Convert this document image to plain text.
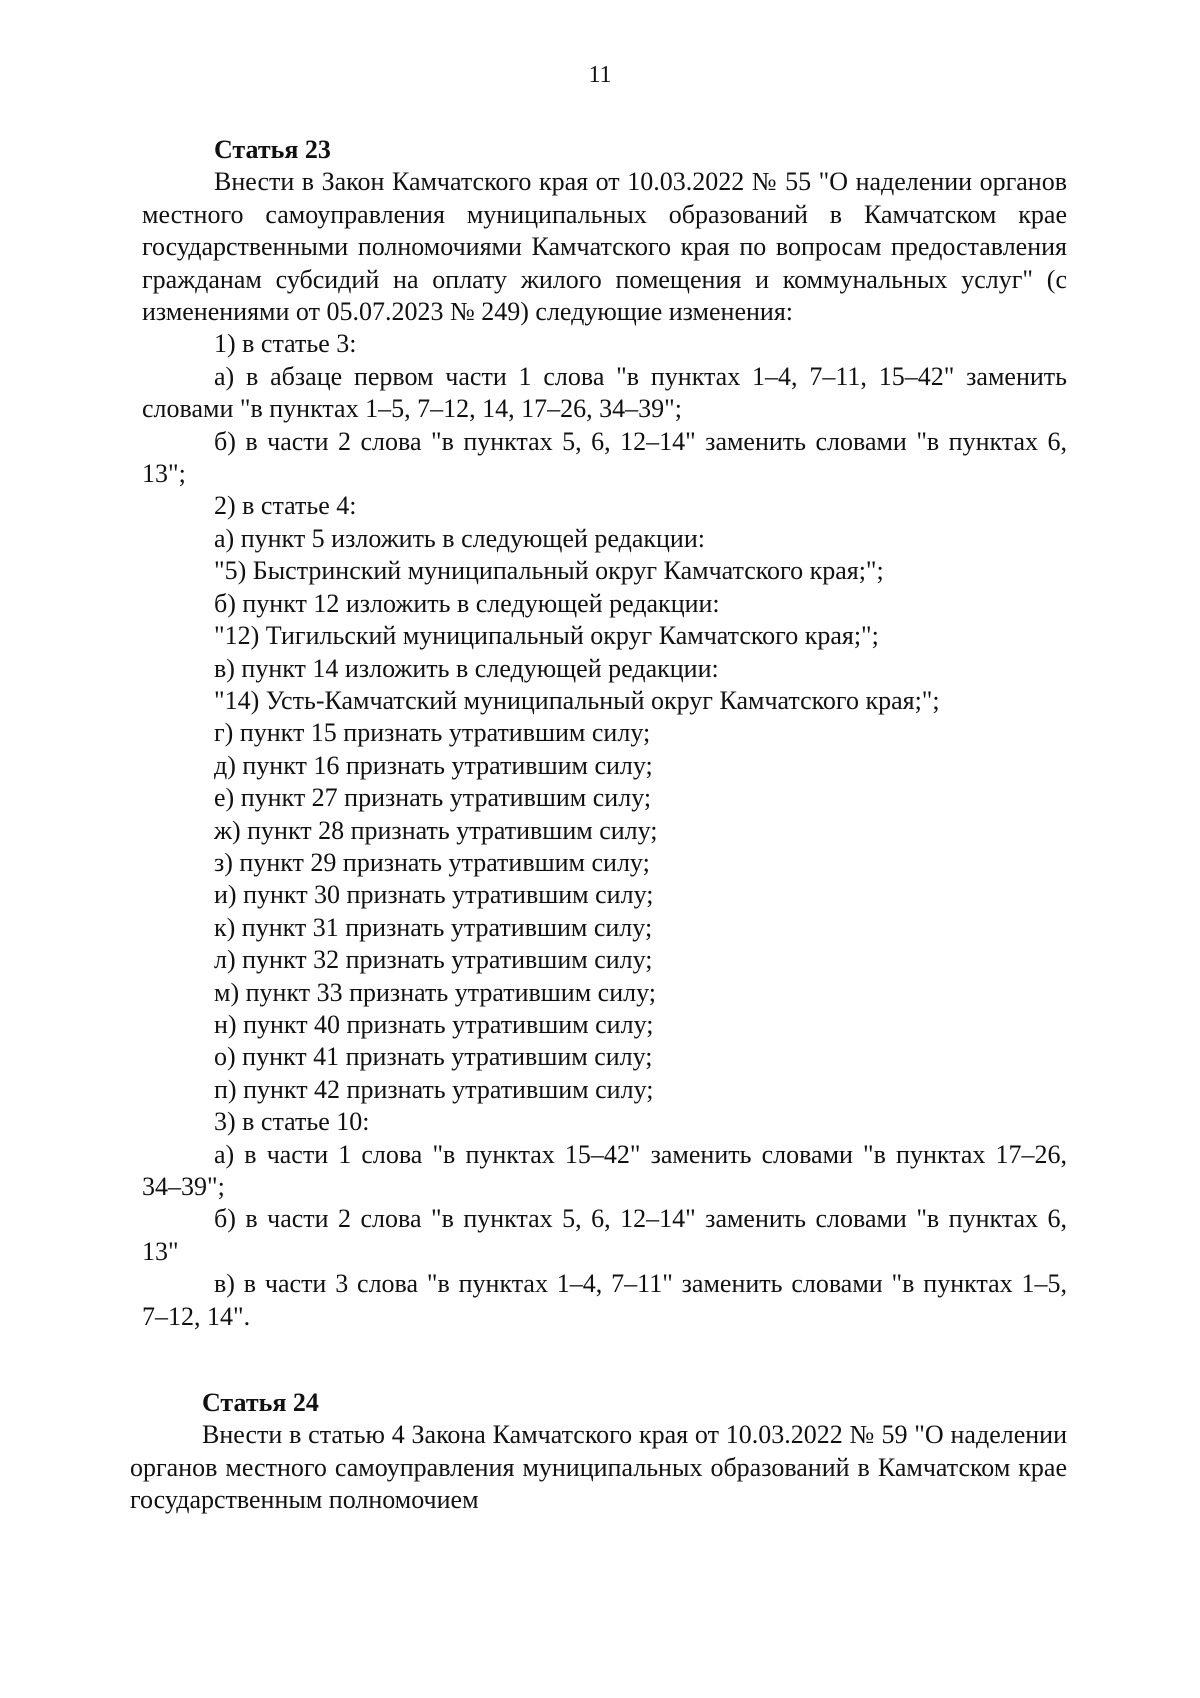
11

Статья 23

Внести в Закон Камчатского края от 10.03.2022 № 55 "О наделении органов местного самоуправления муниципальных образований в Камчатском крае государственными полномочиями Камчатского края по вопросам предоставления гражданам субсидий на оплату жилого помещения и коммунальных услуг" (с изменениями от 05.07.2023 № 249) следующие изменения:

1) в статье 3:

а) в абзаце первом части 1 слова "в пунктах 1–4, 7–11, 15–42" заменить словами "в пунктах 1–5, 7–12, 14, 17–26, 34–39";

б) в части 2 слова "в пунктах 5, 6, 12–14" заменить словами "в пунктах 6, 13";

2) в статье 4:

а) пункт 5 изложить в следующей редакции:

"5) Быстринский муниципальный округ Камчатского края;";

б) пункт 12 изложить в следующей редакции:

"12) Тигильский муниципальный округ Камчатского края;";

в) пункт 14 изложить в следующей редакции:

"14) Усть-Камчатский муниципальный округ Камчатского края;";

г) пункт 15 признать утратившим силу;

д) пункт 16 признать утратившим силу;

е) пункт 27 признать утратившим силу;

ж) пункт 28 признать утратившим силу;

з) пункт 29 признать утратившим силу;

и) пункт 30 признать утратившим силу;

к) пункт 31 признать утратившим силу;

л) пункт 32 признать утратившим силу;

м) пункт 33 признать утратившим силу;

н) пункт 40 признать утратившим силу;

о) пункт 41 признать утратившим силу;

п) пункт 42 признать утратившим силу;

3) в статье 10:

а) в части 1 слова "в пунктах 15–42" заменить словами "в пунктах 17–26, 34–39";

б) в части 2 слова "в пунктах 5, 6, 12–14" заменить словами "в пунктах 6, 13"

в) в части 3 слова "в пунктах 1–4, 7–11" заменить словами "в пунктах 1–5, 7–12, 14".

Статья 24

Внести в статью 4 Закона Камчатского края от 10.03.2022 № 59 "О наделении органов местного самоуправления муниципальных образований в Камчатском крае государственным полномочием
